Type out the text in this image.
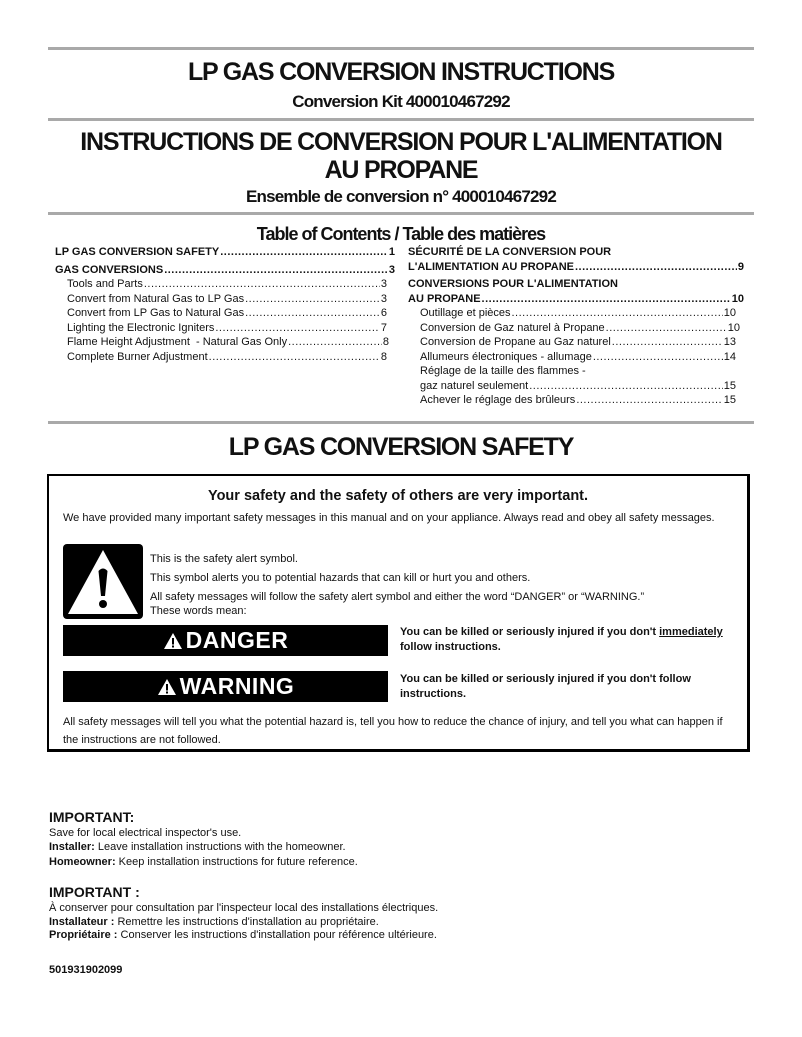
LP GAS CONVERSION INSTRUCTIONS
Conversion Kit 400010467292
INSTRUCTIONS DE CONVERSION POUR L'ALIMENTATION
AU PROPANE
Ensemble de conversion n° 400010467292
Table of Contents / Table des matières
LP GAS CONVERSION SAFETY .....	1
GAS CONVERSIONS .....	3
Tools and Parts .....	3
Convert from Natural Gas to LP Gas .....	3
Convert from LP Gas to Natural Gas .....	6
Lighting the Electronic Igniters .....	7
Flame Height Adjustment  - Natural Gas Only .....	8
Complete Burner Adjustment .....	8
SÉCURITÉ DE LA CONVERSION POUR
L'ALIMENTATION AU PROPANE .....	9
CONVERSIONS POUR L'ALIMENTATION
AU PROPANE .....	10
Outillage et pièces .....	10
Conversion de Gaz naturel à Propane .....	10
Conversion de Propane au Gaz naturel .....	13
Allumeurs électroniques - allumage .....	14
Réglage de la taille des flammes -
gaz naturel seulement .....	15
Achever le réglage des brûleurs .....	15
LP GAS CONVERSION SAFETY
Your safety and the safety of others are very important.
We have provided many important safety messages in this manual and on your appliance. Always read and obey all safety messages.
This is the safety alert symbol.
This symbol alerts you to potential hazards that can kill or hurt you and others.
All safety messages will follow the safety alert symbol and either the word “DANGER” or “WARNING.”
These words mean:
DANGER	You can be killed or seriously injured if you don't immediately follow instructions.
WARNING	You can be killed or seriously injured if you don't follow instructions.
All safety messages will tell you what the potential hazard is, tell you how to reduce the chance of injury, and tell you what can happen if the instructions are not followed.
IMPORTANT:

Save for local electrical inspector's use.

Installer: Leave installation instructions with the homeowner.

Homeowner: Keep installation instructions for future reference.

IMPORTANT :

À conserver pour consultation par l'inspecteur local des installations électriques.

Installateur : Remettre les instructions d'installation au propriétaire.

Propriétaire : Conserver les instructions d'installation pour référence ultérieure.

501931902099
